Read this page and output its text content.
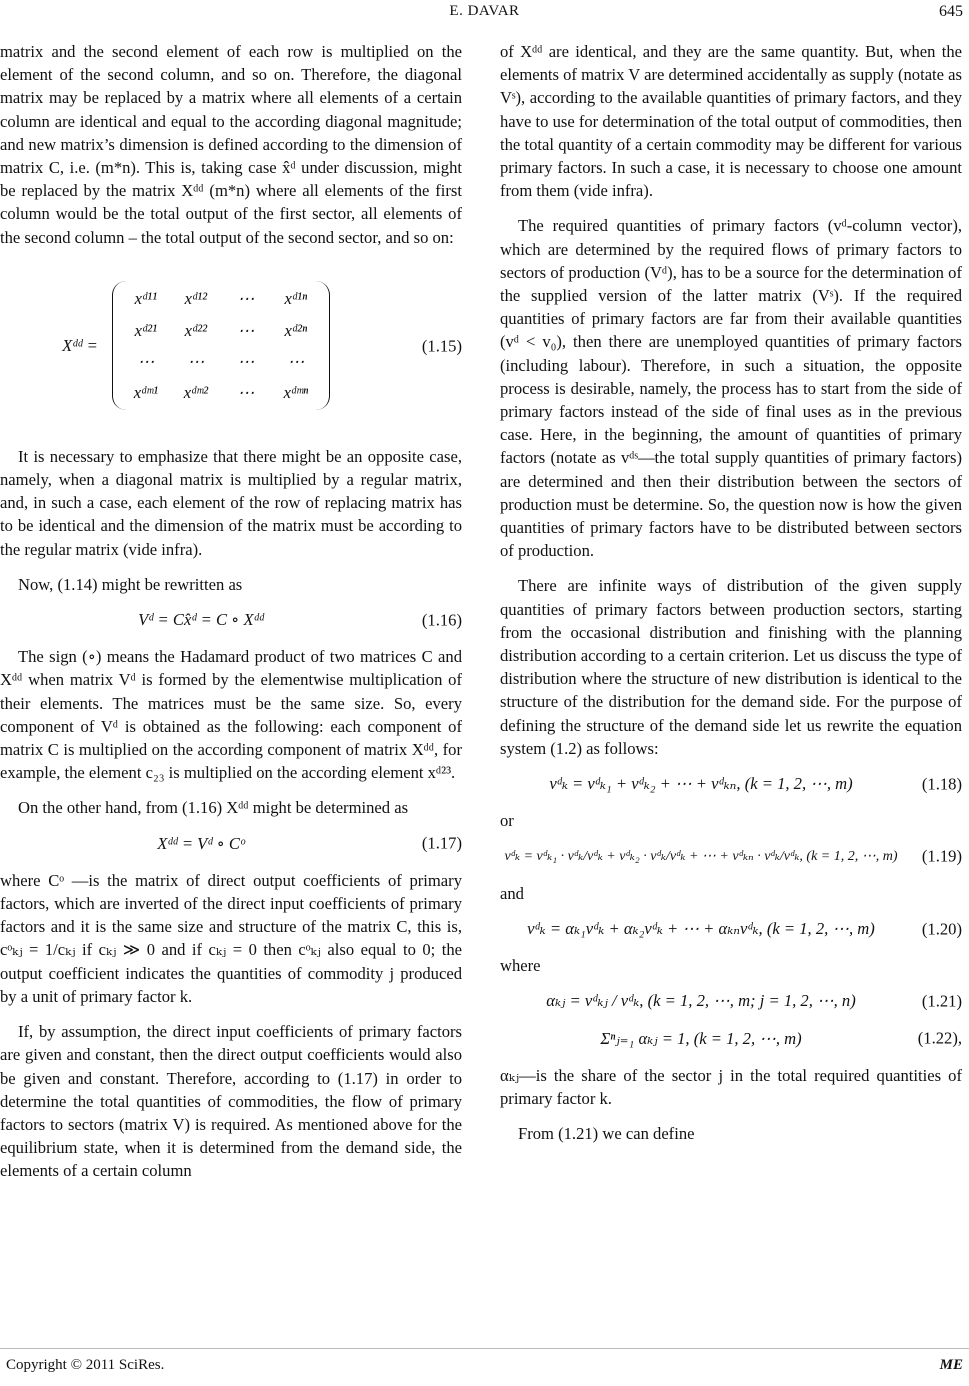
E. DAVAR	645

matrix and the second element of each row is multiplied on the element of the second column, and so on. Therefore, the diagonal matrix may be replaced by a matrix where all elements of a certain column are identical and equal to the according diagonal magnitude; and new matrix’s dimension is defined according to the dimension of matrix C, i.e. (m*n). This is, taking case x̂ᵈ under discussion, might be replaced by the matrix Xᵈᵈ (m*n) where all elements of the first column would be the total output of the first sector, all elements of the second column – the total output of the second sector, and so on:

Xᵈᵈ =
xᵈ¹¹	xᵈ¹²	⋯	xᵈ¹ⁿ
xᵈ²¹	xᵈ²²	⋯	xᵈ²ⁿ
⋯	⋯	⋯	⋯
xᵈᵐ¹	xᵈᵐ²	⋯	xᵈᵐⁿ
(1.15)

It is necessary to emphasize that there might be an opposite case, namely, when a diagonal matrix is multiplied by a regular matrix, and, in such a case, each element of the row of replacing matrix has to be identical and the dimension of the matrix must be according to the regular matrix (vide infra).

Now, (1.14) might be rewritten as

Vᵈ = Cx̂ᵈ = C ∘ Xᵈᵈ	(1.16)

The sign (∘) means the Hadamard product of two matrices C and Xᵈᵈ when matrix Vᵈ is formed by the elementwise multiplication of their elements. The matrices must be the same size. So, every component of Vᵈ is obtained as the following: each component of matrix C is multiplied on the according component of matrix Xᵈᵈ, for example, the element c₂₃ is multiplied on the according element xᵈ²³.

On the other hand, from (1.16) Xᵈᵈ might be determined as

Xᵈᵈ = Vᵈ ∘ Cᵒ	(1.17)

where Cᵒ —is the matrix of direct output coefficients of primary factors, which are inverted of the direct input coefficients of primary factors and it is the same size and structure of the matrix C, this is, cᵒₖⱼ = 1/cₖⱼ if cₖⱼ ≫ 0 and if cₖⱼ = 0 then cᵒₖⱼ also equal to 0; the output coefficient indicates the quantities of commodity j produced by a unit of primary factor k.

If, by assumption, the direct input coefficients of primary factors are given and constant, then the direct output coefficients would also be given and constant. Therefore, according to (1.17) in order to determine the total quantities of commodities, the flow of primary factors to sectors (matrix V) is required. As mentioned above for the equilibrium state, when it is determined from the demand side, the elements of a certain column

of Xᵈᵈ are identical, and they are the same quantity. But, when the elements of matrix V are determined accidentally as supply (notate as Vˢ), according to the available quantities of primary factors, and they have to use for determination of the total output of commodities, then the total quantity of a certain commodity may be different for various primary factors. In such a case, it is necessary to choose one amount from them (vide infra).

The required quantities of primary factors (vᵈ-column vector), which are determined by the required flows of primary factors to sectors of production (Vᵈ), has to be a source for the determination of the supplied version of the latter matrix (Vˢ). If the required quantities of primary factors are far from their available quantities (vᵈ < v₀), then there are unemployed quantities of primary factors (including labour). Therefore, in such a situation, the opposite process is desirable, namely, the process has to start from the side of primary factors instead of the side of final uses as in the previous case. Here, in the beginning, the amount of quantities of primary factors (notate as vᵈˢ—the total supply quantities of primary factors) are determined and then their distribution between the sectors of production must be determine. So, the question now is how the given quantities of primary factors have to be distributed between sectors of production.

There are infinite ways of distribution of the given supply quantities of primary factors between production sectors, starting from the occasional distribution and finishing with the planning distribution according to a certain criterion. Let us discuss the type of distribution where the structure of new distribution is identical to the structure of the distribution for the demand side. For the purpose of defining the structure of the demand side let us rewrite the equation system (1.2) as follows:

vᵈₖ = vᵈₖ₁ + vᵈₖ₂ + ⋯ + vᵈₖₙ, (k = 1, 2, ⋯, m)	(1.18)

or

vᵈₖ = vᵈₖ₁ · vᵈₖ/vᵈₖ + vᵈₖ₂ · vᵈₖ/vᵈₖ + ⋯ + vᵈₖₙ · vᵈₖ/vᵈₖ, (k = 1, 2, ⋯, m)	(1.19)

and

vᵈₖ = αₖ₁vᵈₖ + αₖ₂vᵈₖ + ⋯ + αₖₙvᵈₖ, (k = 1, 2, ⋯, m)	(1.20)

where

αₖⱼ = vᵈₖⱼ / vᵈₖ, (k = 1, 2, ⋯, m; j = 1, 2, ⋯, n)	(1.21)
Σⁿⱼ₌₁ αₖⱼ = 1, (k = 1, 2, ⋯, m)	(1.22),

αₖⱼ—is the share of the sector j in the total required quantities of primary factor k.

From (1.21) we can define

Copyright © 2011 SciRes.	ME
